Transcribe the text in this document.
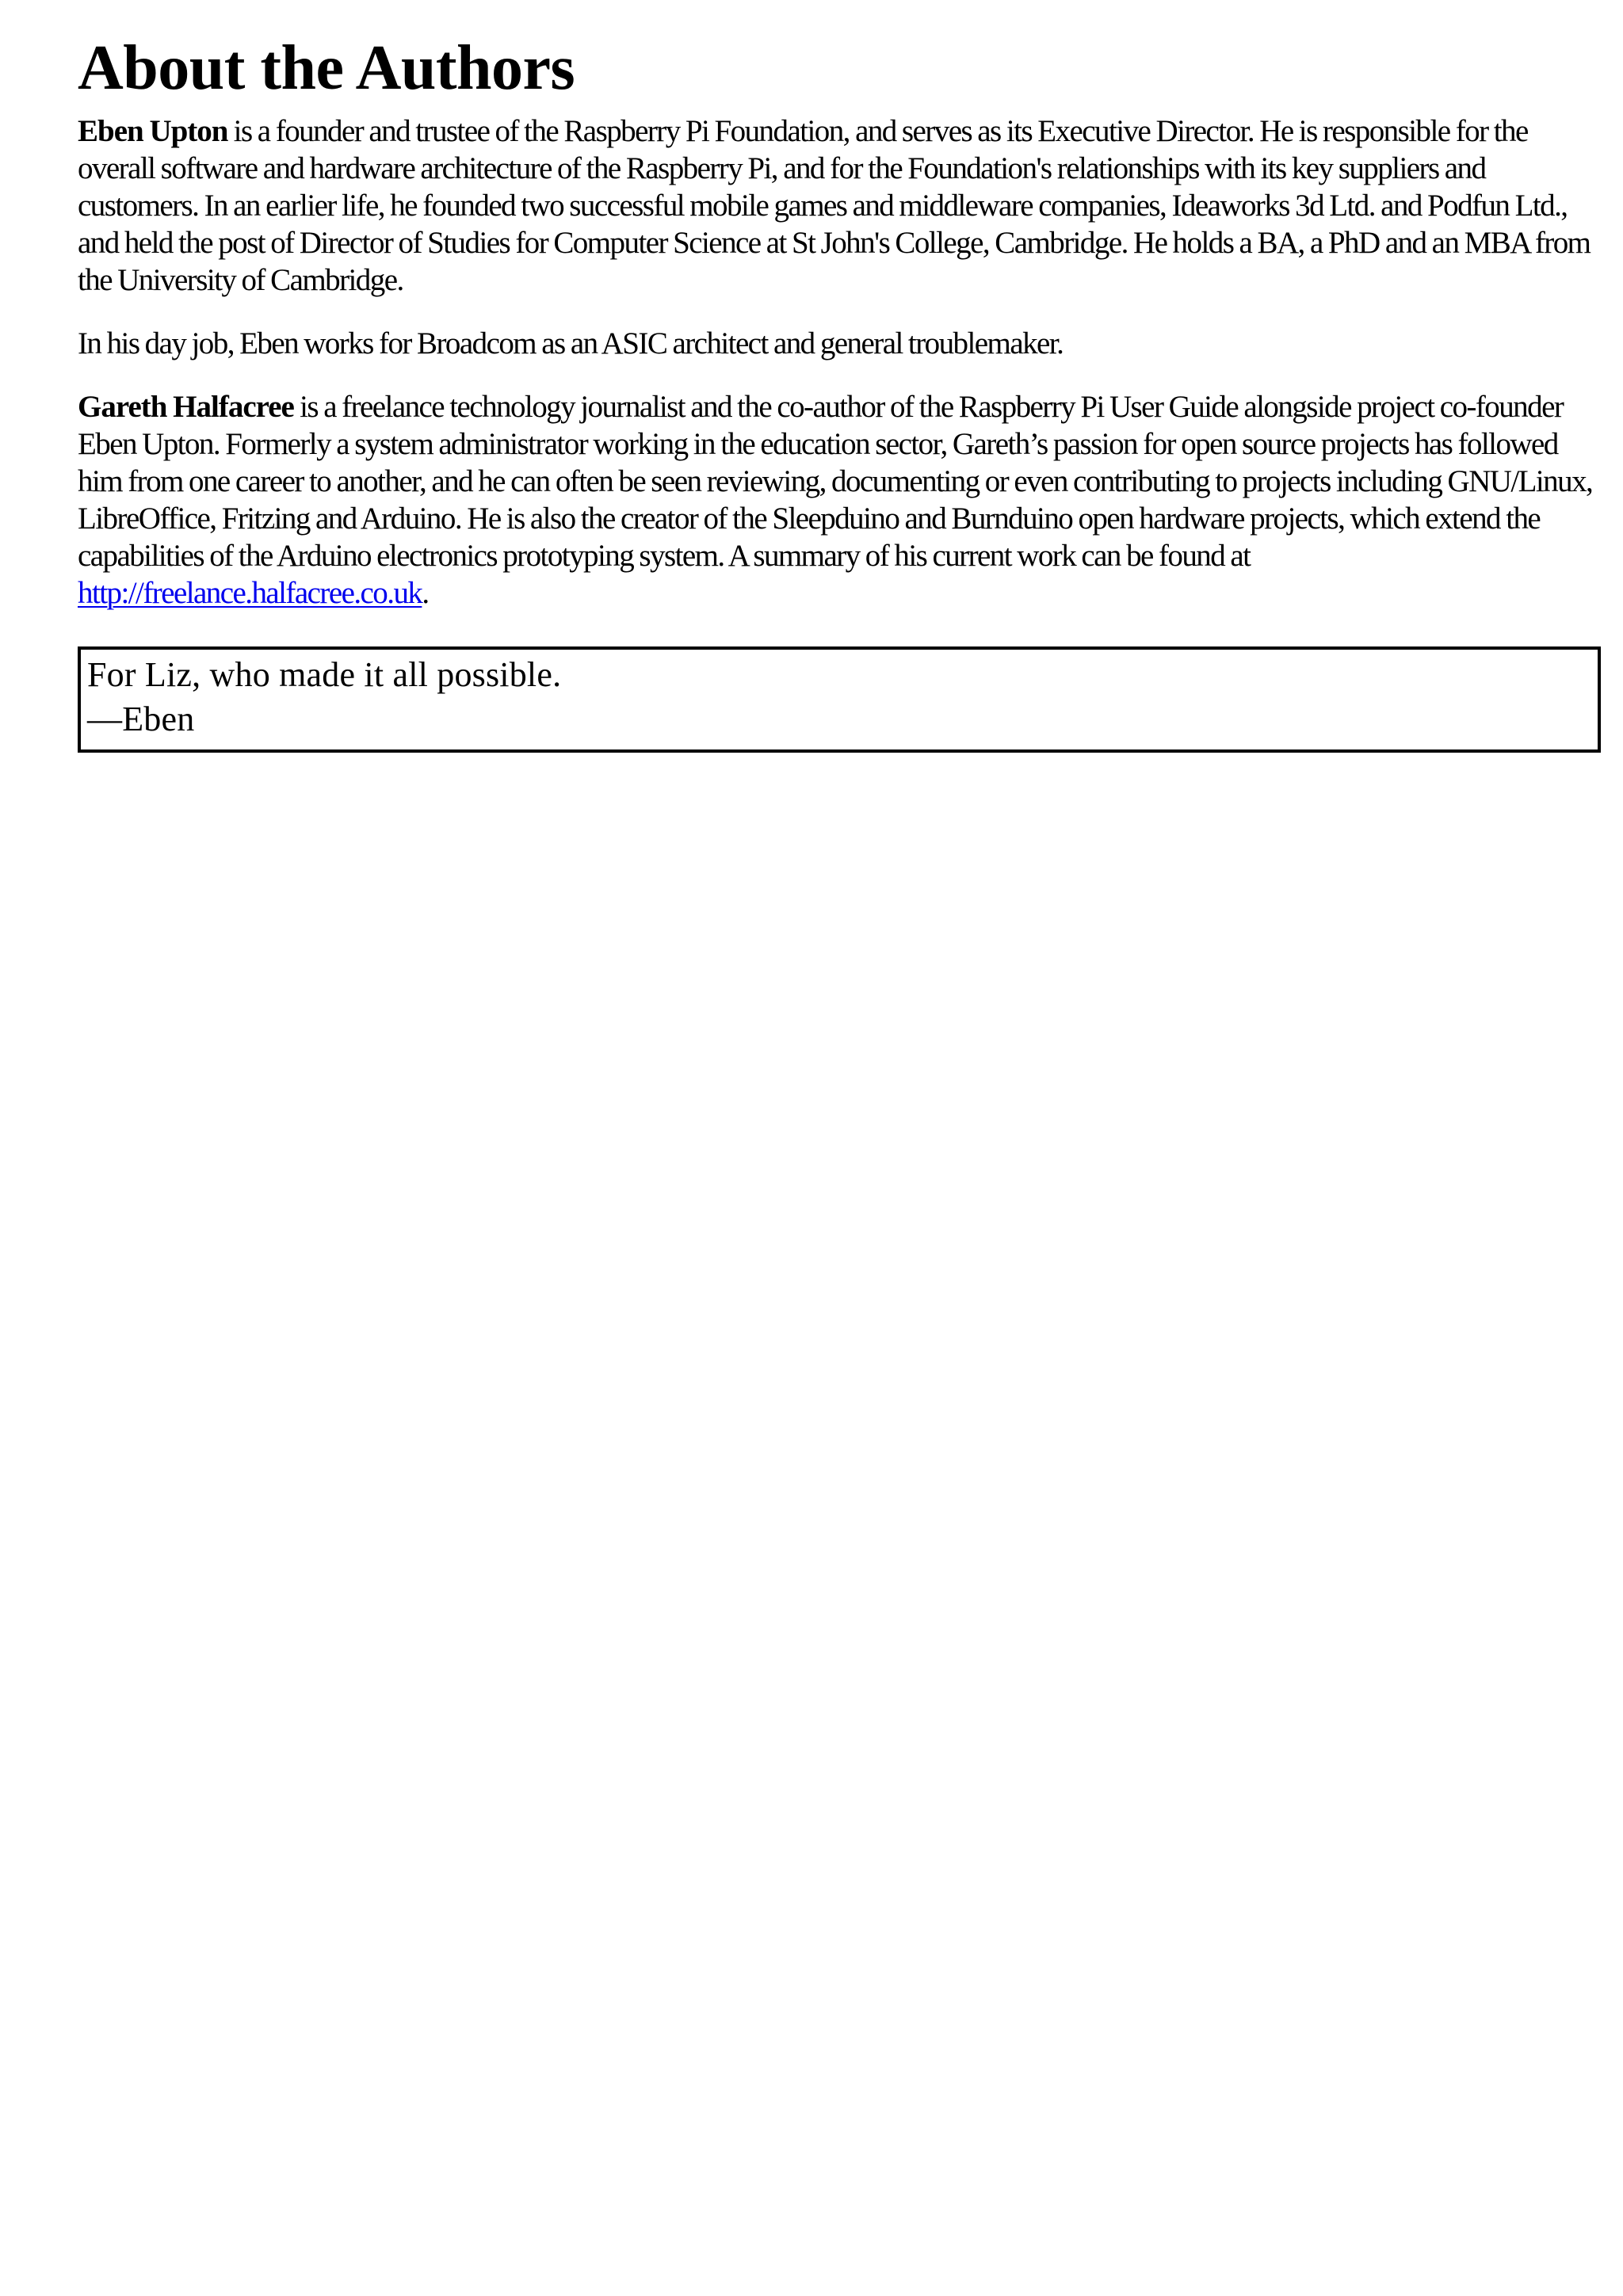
About the Authors

Eben Upton is a founder and trustee of the Raspberry Pi Foundation, and serves as its Executive Director. He is responsible for the overall software and hardware architecture of the Raspberry Pi, and for the Foundation's relationships with its key suppliers and customers. In an earlier life, he founded two successful mobile games and middleware companies, Ideaworks 3d Ltd. and Podfun Ltd., and held the post of Director of Studies for Computer Science at St John's College, Cambridge. He holds a BA, a PhD and an MBA from the University of Cambridge.

In his day job, Eben works for Broadcom as an ASIC architect and general troublemaker.

Gareth Halfacree is a freelance technology journalist and the co-author of the Raspberry Pi User Guide alongside project co-founder Eben Upton. Formerly a system administrator working in the education sector, Gareth’s passion for open source projects has followed him from one career to another, and he can often be seen reviewing, documenting or even contributing to projects including GNU/Linux, LibreOffice, Fritzing and Arduino. He is also the creator of the Sleepduino and Burnduino open hardware projects, which extend the capabilities of the Arduino electronics prototyping system. A summary of his current work can be found at http://freelance.halfacree.co.uk.

For Liz, who made it all possible.
—Eben
